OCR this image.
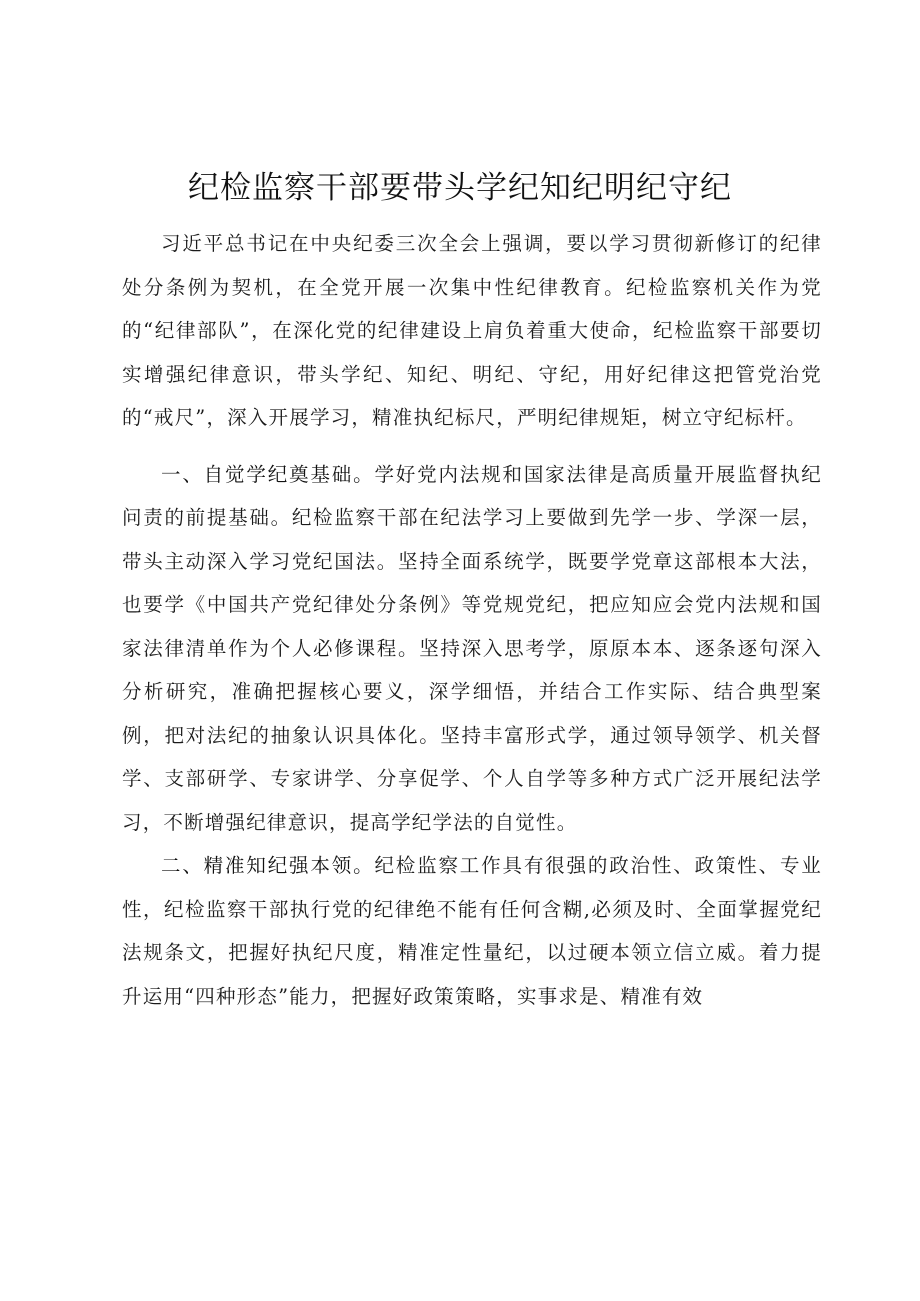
纪检监察干部要带头学纪知纪明纪守纪

习近平总书记在中央纪委三次全会上强调，要以学习贯彻新修订的纪律处分条例为契机，在全党开展一次集中性纪律教育。纪检监察机关作为党的“纪律部队”，在深化党的纪律建设上肩负着重大使命，纪检监察干部要切实增强纪律意识，带头学纪、知纪、明纪、守纪，用好纪律这把管党治党的“戒尺”，深入开展学习，精准执纪标尺，严明纪律规矩，树立守纪标杆。

一、自觉学纪奠基础。学好党内法规和国家法律是高质量开展监督执纪问责的前提基础。纪检监察干部在纪法学习上要做到先学一步、学深一层，带头主动深入学习党纪国法。坚持全面系统学，既要学党章这部根本大法，也要学《中国共产党纪律处分条例》等党规党纪，把应知应会党内法规和国家法律清单作为个人必修课程。坚持深入思考学，原原本本、逐条逐句深入分析研究，准确把握核心要义，深学细悟，并结合工作实际、结合典型案例，把对法纪的抽象认识具体化。坚持丰富形式学，通过领导领学、机关督学、支部研学、专家讲学、分享促学、个人自学等多种方式广泛开展纪法学习，不断增强纪律意识，提高学纪学法的自觉性。

二、精准知纪强本领。纪检监察工作具有很强的政治性、政策性、专业性，纪检监察干部执行党的纪律绝不能有任何含糊,必须及时、全面掌握党纪法规条文，把握好执纪尺度，精准定性量纪，以过硬本领立信立威。着力提升运用“四种形态”能力，把握好政策策略，实事求是、精准有效
